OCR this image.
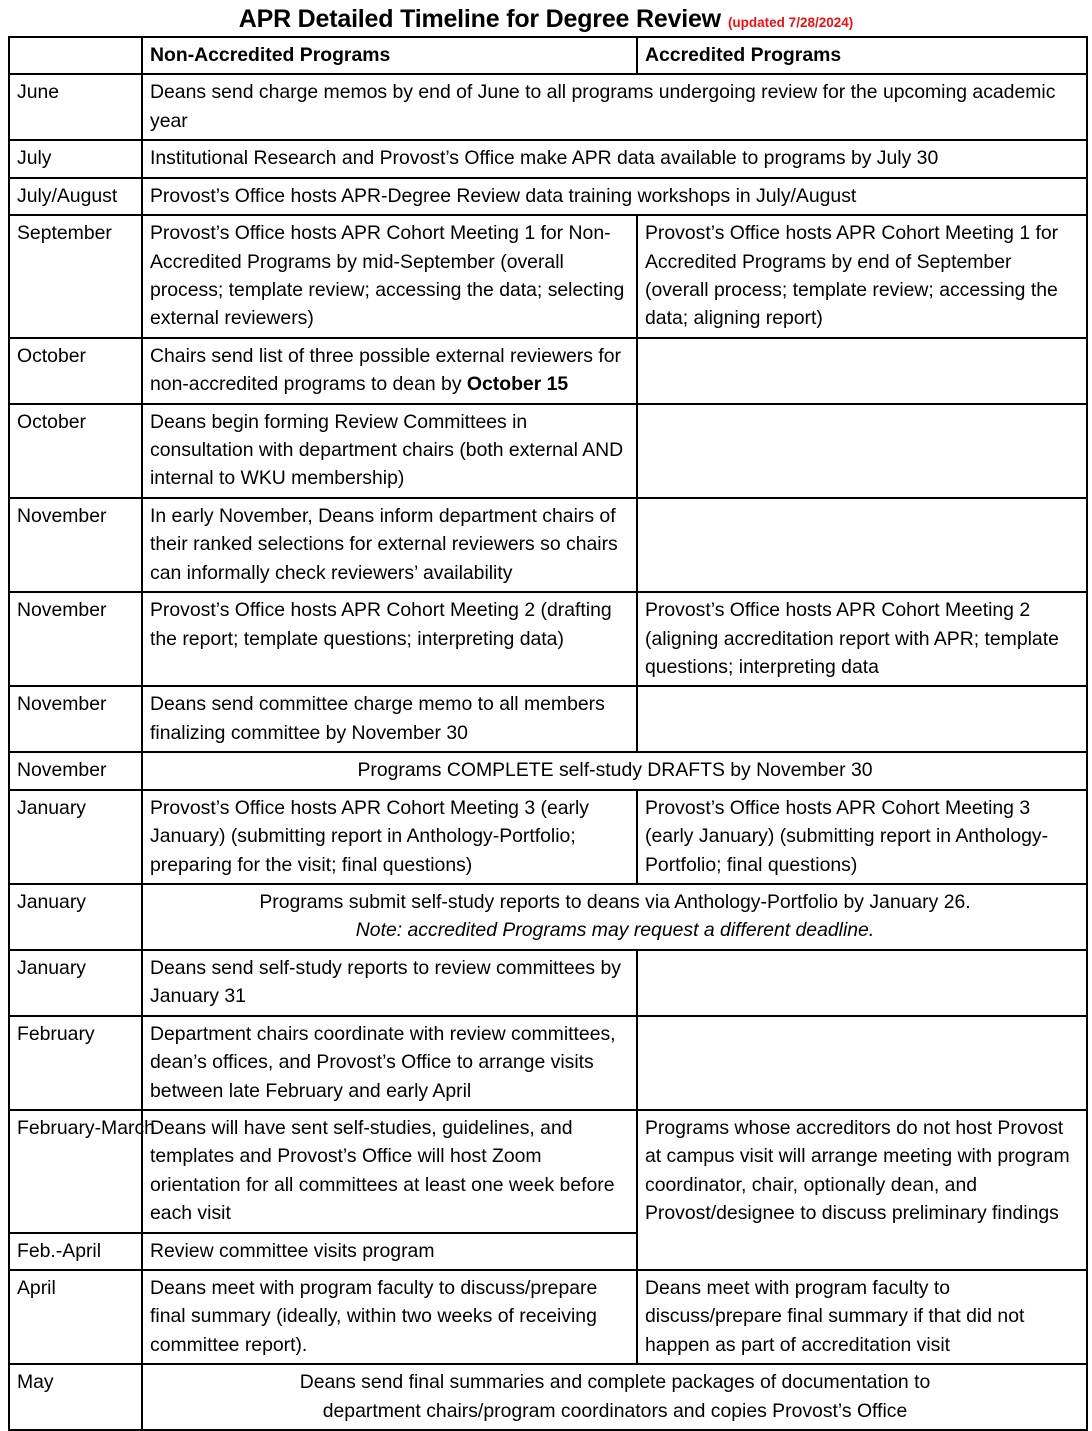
APR Detailed Timeline for Degree Review (updated 7/28/2024)
	Non-Accredited Programs	Accredited Programs
June	Deans send charge memos by end of June to all programs undergoing review for the upcoming academic year	
July	Institutional Research and Provost’s Office make APR data available to programs by July 30	
July/August	Provost’s Office hosts APR-Degree Review data training workshops in July/August	
September	Provost’s Office hosts APR Cohort Meeting 1 for Non-Accredited Programs by mid-September (overall process; template review; accessing the data; selecting external reviewers)	Provost’s Office hosts APR Cohort Meeting 1 for Accredited Programs by end of September (overall process; template review; accessing the data; aligning report)
October	Chairs send list of three possible external reviewers for non-accredited programs to dean by October 15	
October	Deans begin forming Review Committees in consultation with department chairs (both external AND internal to WKU membership)	
November	In early November, Deans inform department chairs of their ranked selections for external reviewers so chairs can informally check reviewers’ availability	
November	Provost’s Office hosts APR Cohort Meeting 2 (drafting the report; template questions; interpreting data)	Provost’s Office hosts APR Cohort Meeting 2 (aligning accreditation report with APR; template questions; interpreting data
November	Deans send committee charge memo to all members finalizing committee by November 30	
November	Programs COMPLETE self-study DRAFTS by November 30	
January	Provost’s Office hosts APR Cohort Meeting 3 (early January) (submitting report in Anthology-Portfolio; preparing for the visit; final questions)	Provost’s Office hosts APR Cohort Meeting 3 (early January) (submitting report in Anthology-Portfolio; final questions)
January	Programs submit self-study reports to deans via Anthology-Portfolio by January 26.
Note: accredited Programs may request a different deadline.	

January	Deans send self-study reports to review committees by January 31	
February	Department chairs coordinate with review committees, dean’s offices, and Provost’s Office to arrange visits between late February and early April	
February-March	Deans will have sent self-studies, guidelines, and templates and Provost’s Office will host Zoom orientation for all committees at least one week before each visit	Programs whose accreditors do not host Provost at campus visit will arrange meeting with program coordinator, chair, optionally dean, and Provost/designee to discuss preliminary findings
Feb.-April	Review committee visits program	
April	Deans meet with program faculty to discuss/prepare final summary (ideally, within two weeks of receiving committee report).	Deans meet with program faculty to discuss/prepare final summary if that did not happen as part of accreditation visit
May	Deans send final summaries and complete packages of documentation to
department chairs/program coordinators and copies Provost’s Office	
